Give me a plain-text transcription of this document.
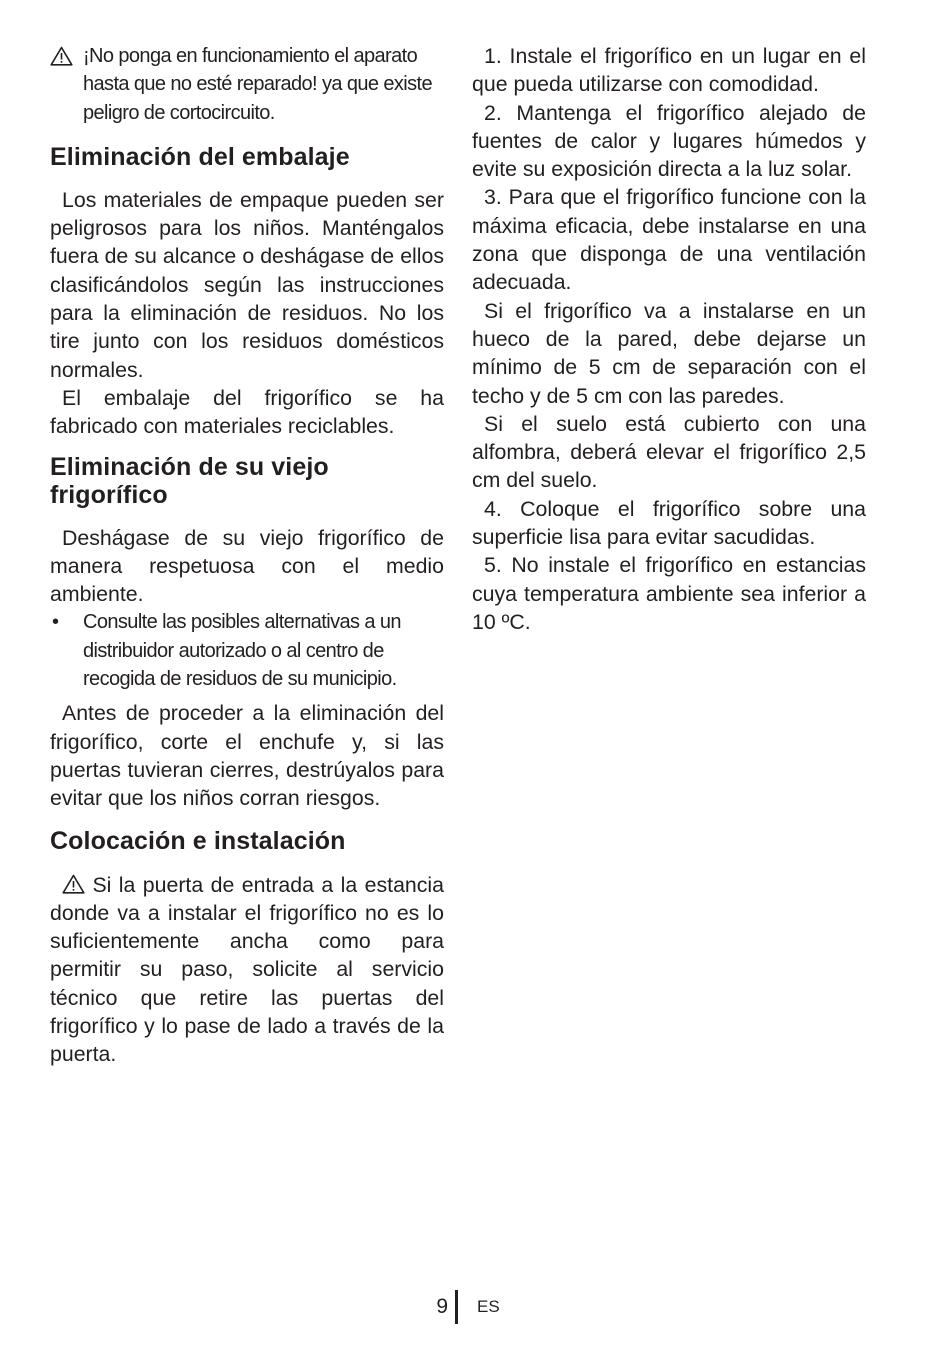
¡No ponga en funcionamiento el aparato hasta que no esté reparado! ya que existe peligro de cortocircuito.

Eliminación del embalaje

Los materiales de empaque pueden ser peligrosos para los niños. Manténgalos fuera de su alcance o deshágase de ellos clasificándolos según las instrucciones para la eliminación de residuos. No los tire junto con los residuos domésticos normales.

El embalaje del frigorífico se ha fabricado con materiales reciclables.

Eliminación de su viejo frigorífico

Deshágase de su viejo frigorífico de manera respetuosa con el medio ambiente.

• Consulte las posibles alternativas a un distribuidor autorizado o al centro de recogida de residuos de su municipio.

Antes de proceder a la eliminación del frigorífico, corte el enchufe y, si las puertas tuvieran cierres, destrúyalos para evitar que los niños corran riesgos.

Colocación e instalación

Si la puerta de entrada a la estancia donde va a instalar el frigorífico no es lo suficientemente ancha como para permitir su paso, solicite al servicio técnico que retire las puertas del frigorífico y lo pase de lado a través de la puerta.

1. Instale el frigorífico en un lugar en el que pueda utilizarse con comodidad.

2. Mantenga el frigorífico alejado de fuentes de calor y lugares húmedos y evite su exposición directa a la luz solar.

3. Para que el frigorífico funcione con la máxima eficacia, debe instalarse en una zona que disponga de una ventilación adecuada.

Si el frigorífico va a instalarse en un hueco de la pared, debe dejarse un mínimo de 5 cm de separación con el techo y de 5 cm con las paredes.

Si el suelo está cubierto con una alfombra, deberá elevar el frigorífico 2,5 cm del suelo.

4. Coloque el frigorífico sobre una superficie lisa para evitar sacudidas.

5. No instale el frigorífico en estancias cuya temperatura ambiente sea inferior a 10 ºC.

9 ES
